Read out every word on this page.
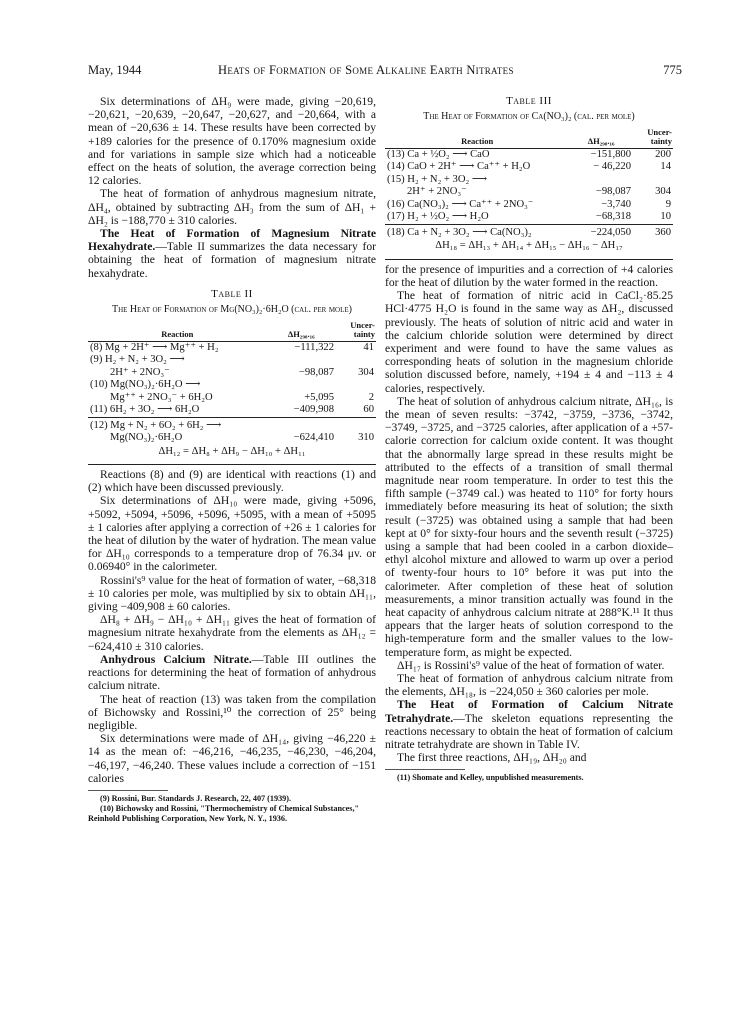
May, 1944	Heats of Formation of Some Alkaline Earth Nitrates	775

Six determinations of ΔH₉ were made, giving −20,619, −20,621, −20,639, −20,647, −20,627, and −20,664, with a mean of −20,636 ± 14. These results have been corrected by +189 calories for the presence of 0.170% magnesium oxide and for variations in sample size which had a noticeable effect on the heats of solution, the average correction being 12 calories.

The heat of formation of anhydrous magnesium nitrate, ΔH₄, obtained by subtracting ΔH₃ from the sum of ΔH₁ + ΔH₂ is −188,770 ± 310 calories.

The Heat of Formation of Magnesium Nitrate Hexahydrate.—Table II summarizes the data necessary for obtaining the heat of formation of magnesium nitrate hexahydrate.

Table II
The Heat of Formation of Mg(NO₃)₂·6H₂O (cal. per mole)
Reaction	ΔH₂₉₈.₁₆	Uncer-tainty
(8) Mg + 2H⁺ ⟶ Mg⁺⁺ + H₂	−111,322	41
(9) H₂ + N₂ + 3O₂ ⟶		
2H⁺ + 2NO₃⁻	−98,087	304
(10) Mg(NO₃)₂·6H₂O ⟶		
Mg⁺⁺ + 2NO₃⁻ + 6H₂O	+5,095	2
(11) 6H₂ + 3O₂ ⟶ 6H₂O	−409,908	60
(12) Mg + N₂ + 6O₂ + 6H₂ ⟶		
Mg(NO₃)₂·6H₂O	−624,410	310
ΔH₁₂ = ΔH₈ + ΔH₉ − ΔH₁₀ + ΔH₁₁

Reactions (8) and (9) are identical with reactions (1) and (2) which have been discussed previously.

Six determinations of ΔH₁₀ were made, giving +5096, +5092, +5094, +5096, +5096, +5095, with a mean of +5095 ± 1 calories after applying a correction of +26 ± 1 calories for the heat of dilution by the water of hydration. The mean value for ΔH₁₀ corresponds to a temperature drop of 76.34 μv. or 0.06940° in the calorimeter.

Rossini's⁹ value for the heat of formation of water, −68,318 ± 10 calories per mole, was multiplied by six to obtain ΔH₁₁, giving −409,908 ± 60 calories.

ΔH₈ + ΔH₉ − ΔH₁₀ + ΔH₁₁ gives the heat of formation of magnesium nitrate hexahydrate from the elements as ΔH₁₂ = −624,410 ± 310 calories.

Anhydrous Calcium Nitrate.—Table III outlines the reactions for determining the heat of formation of anhydrous calcium nitrate.

The heat of reaction (13) was taken from the compilation of Bichowsky and Rossini,¹⁰ the correction of 25° being negligible.

Six determinations were made of ΔH₁₄, giving −46,220 ± 14 as the mean of: −46,216, −46,235, −46,230, −46,204, −46,197, −46,240. These values include a correction of −151 calories

(9) Rossini, Bur. Standards J. Research, 22, 407 (1939).

(10) Bichowsky and Rossini, "Thermochemistry of Chemical Substances," Reinhold Publishing Corporation, New York, N. Y., 1936.

Table III
The Heat of Formation of Ca(NO₃)₂ (cal. per mole)
Reaction	ΔH₂₉₈.₁₆	Uncer-tainty
(13) Ca + ½O₂ ⟶ CaO	−151,800	200
(14) CaO + 2H⁺ ⟶ Ca⁺⁺ + H₂O	− 46,220	14
(15) H₂ + N₂ + 3O₂ ⟶		
2H⁺ + 2NO₃⁻	−98,087	304
(16) Ca(NO₃)₂ ⟶ Ca⁺⁺ + 2NO₃⁻	−3,740	9
(17) H₂ + ½O₂ ⟶ H₂O	−68,318	10
(18) Ca + N₂ + 3O₂ ⟶ Ca(NO₃)₂	−224,050	360
ΔH₁₈ = ΔH₁₃ + ΔH₁₄ + ΔH₁₅ − ΔH₁₆ − ΔH₁₇

for the presence of impurities and a correction of +4 calories for the heat of dilution by the water formed in the reaction.

The heat of formation of nitric acid in CaCl₂·85.25 HCl·4775 H₂O is found in the same way as ΔH₂, discussed previously. The heats of solution of nitric acid and water in the calcium chloride solution were determined by direct experiment and were found to have the same values as corresponding heats of solution in the magnesium chloride solution discussed before, namely, +194 ± 4 and −113 ± 4 calories, respectively.

The heat of solution of anhydrous calcium nitrate, ΔH₁₆, is the mean of seven results: −3742, −3759, −3736, −3742, −3749, −3725, and −3725 calories, after application of a +57-calorie correction for calcium oxide content. It was thought that the abnormally large spread in these results might be attributed to the effects of a transition of small thermal magnitude near room temperature. In order to test this the fifth sample (−3749 cal.) was heated to 110° for forty hours immediately before measuring its heat of solution; the sixth result (−3725) was obtained using a sample that had been kept at 0° for sixty-four hours and the seventh result (−3725) using a sample that had been cooled in a carbon dioxide–ethyl alcohol mixture and allowed to warm up over a period of twenty-four hours to 10° before it was put into the calorimeter. After completion of these heat of solution measurements, a minor transition actually was found in the heat capacity of anhydrous calcium nitrate at 288°K.¹¹ It thus appears that the larger heats of solution correspond to the high-temperature form and the smaller values to the low-temperature form, as might be expected.

ΔH₁₇ is Rossini's⁹ value of the heat of formation of water.

The heat of formation of anhydrous calcium nitrate from the elements, ΔH₁₈, is −224,050 ± 360 calories per mole.

The Heat of Formation of Calcium Nitrate Tetrahydrate.—The skeleton equations representing the reactions necessary to obtain the heat of formation of calcium nitrate tetrahydrate are shown in Table IV.

The first three reactions, ΔH₁₉, ΔH₂₀ and

(11) Shomate and Kelley, unpublished measurements.
